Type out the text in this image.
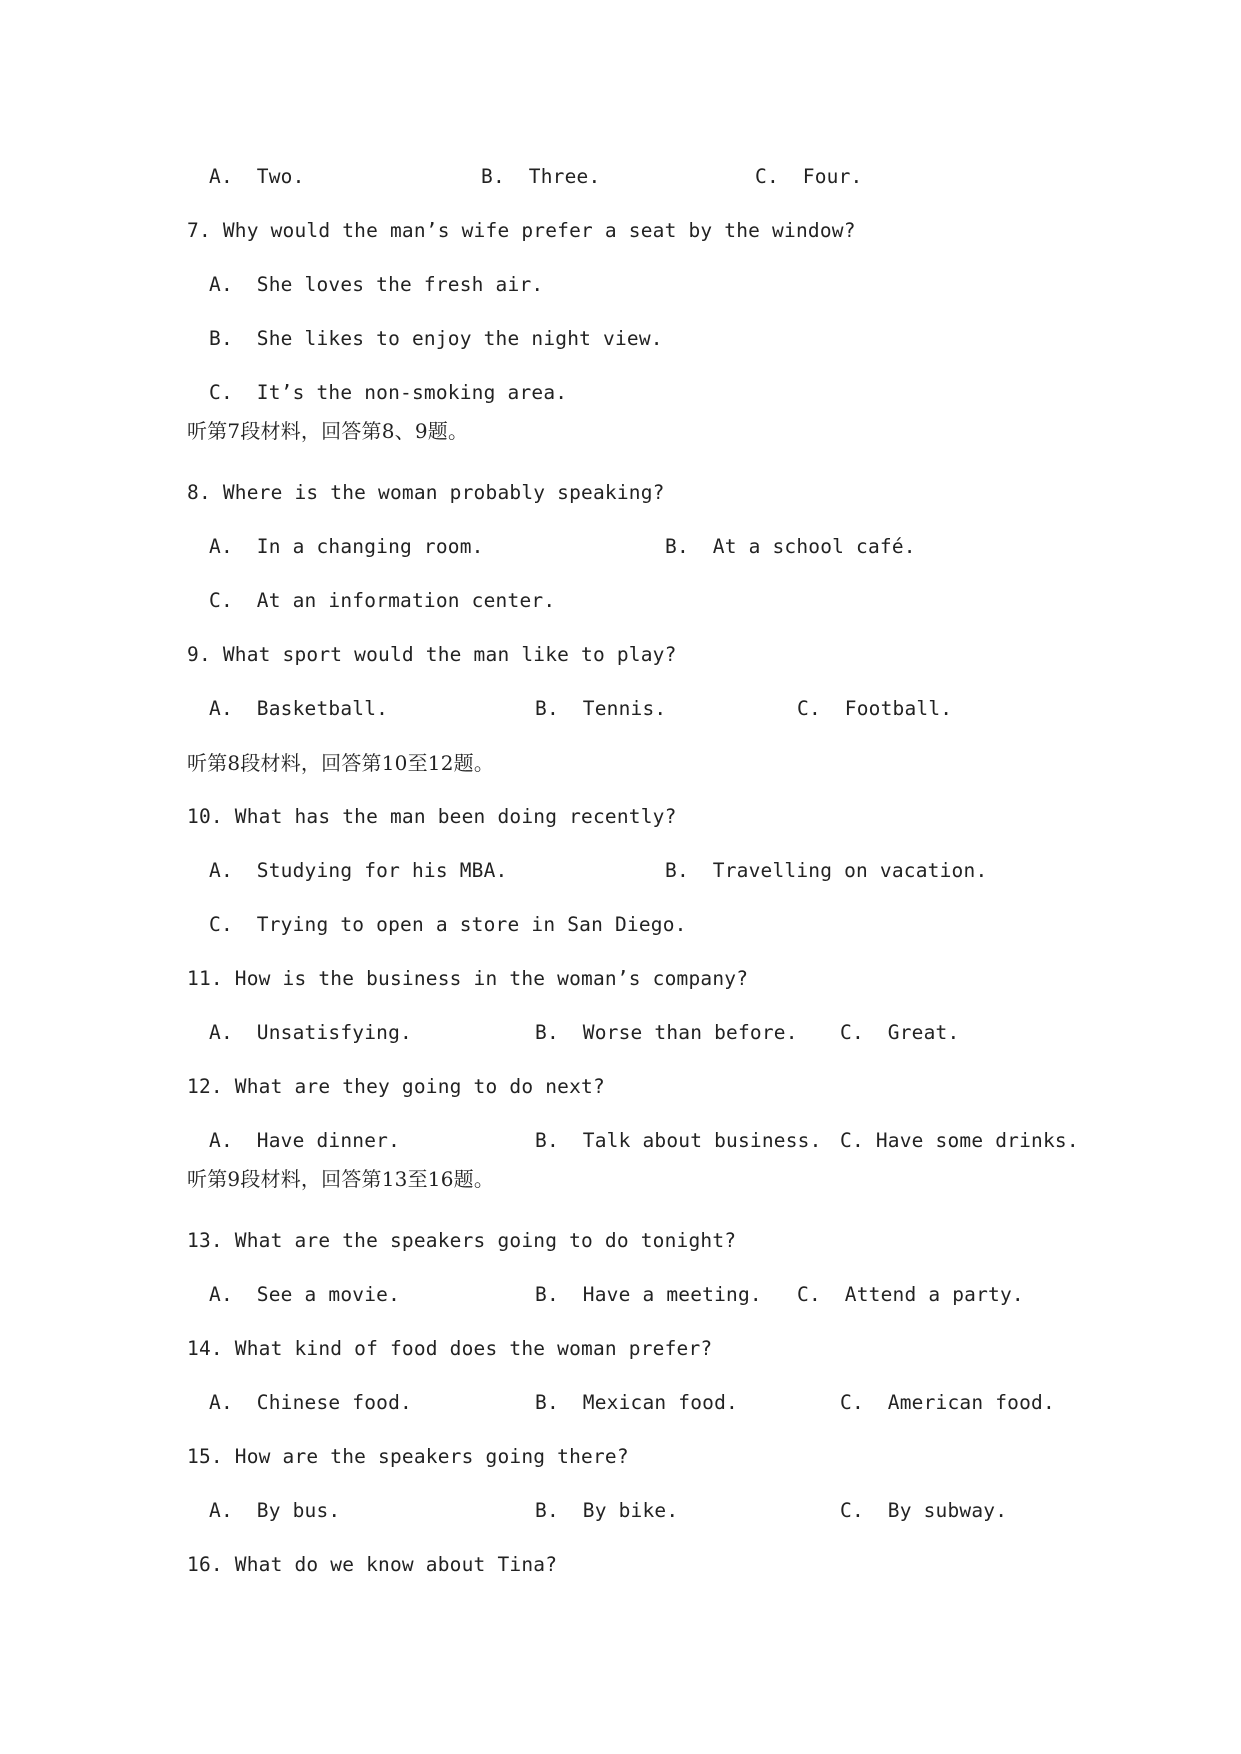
A.  Two.	B.  Three.	C.  Four.
7. Why would the man’s wife prefer a seat by the window?
A.  She loves the fresh air.
B.  She likes to enjoy the night view.
C.  It’s the non-smoking area.
听第7段材料，回答第8、9题。
8. Where is the woman probably speaking?
A.  In a changing room.	B.  At a school café.
C.  At an information center.
9. What sport would the man like to play?
A.  Basketball.	B.  Tennis.	C.  Football.
听第8段材料，回答第10至12题。
10. What has the man been doing recently?
A.  Studying for his MBA.	B.  Travelling on vacation.
C.  Trying to open a store in San Diego.
11. How is the business in the woman’s company?
A.  Unsatisfying.	B.  Worse than before. C.  Great.
12. What are they going to do next?
A.  Have dinner.	B.  Talk about business. C. Have some drinks.
听第9段材料，回答第13至16题。
13. What are the speakers going to do tonight?
A.  See a movie.	B.  Have a meeting. C.  Attend a party.
14. What kind of food does the woman prefer?
A.  Chinese food.	B.  Mexican food.	C.  American food.
15. How are the speakers going there?
A.  By bus.	B.  By bike.	C.  By subway.
16. What do we know about Tina?
